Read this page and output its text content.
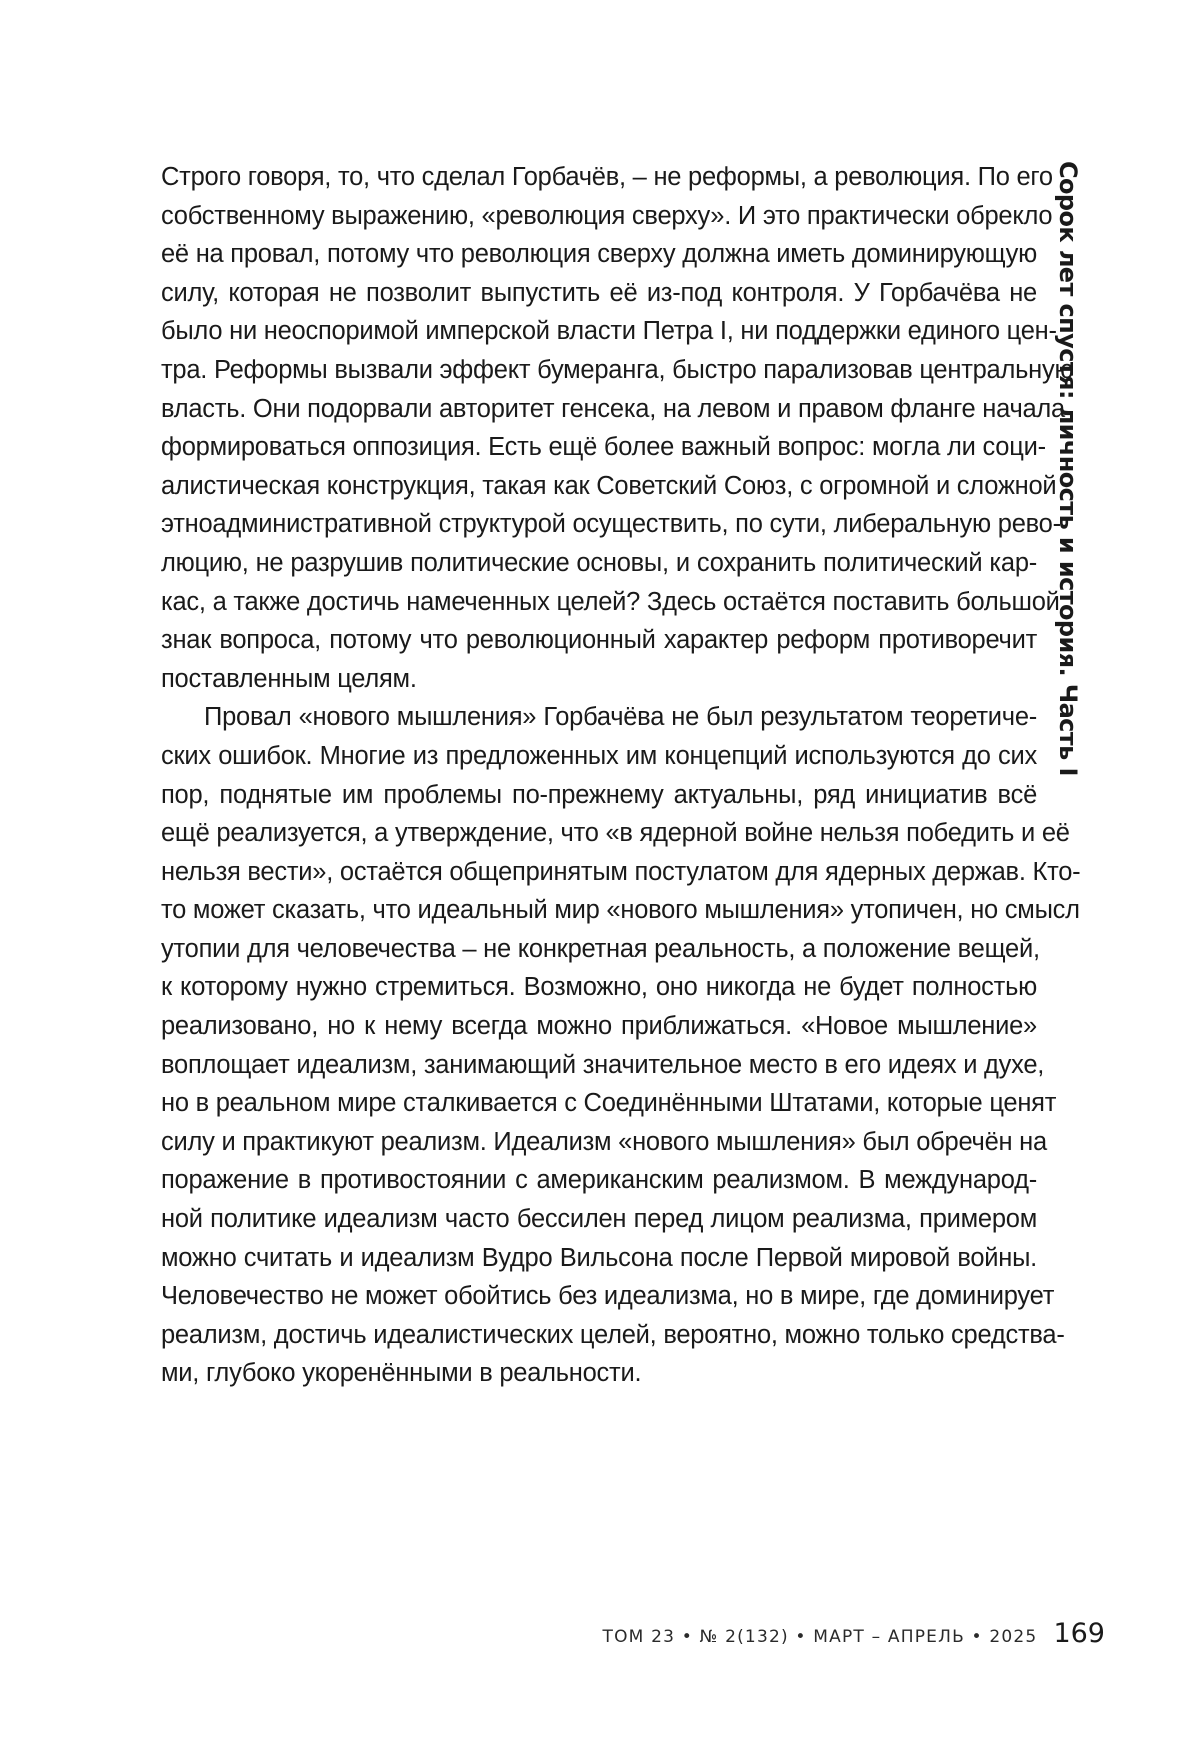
Строго говоря, то, что сделал Горбачёв, – не реформы, а революция. По его
собственному выражению, «революция сверху». И это практически обрекло
её на провал, потому что революция сверху должна иметь доминирующую
силу, которая не позволит выпустить её из-под контроля. У Горбачёва не
было ни неоспоримой имперской власти Петра I, ни поддержки единого цен-
тра. Реформы вызвали эффект бумеранга, быстро парализовав центральную
власть. Они подорвали авторитет генсека, на левом и правом фланге начала
формироваться оппозиция. Есть ещё более важный вопрос: могла ли соци-
алистическая конструкция, такая как Советский Союз, с огромной и сложной
этноадминистративной структурой осуществить, по сути, либеральную рево-
люцию, не разрушив политические основы, и сохранить политический кар-
кас, а также достичь намеченных целей? Здесь остаётся поставить большой
знак вопроса, потому что революционный характер реформ противоречит
поставленным целям.
Провал «нового мышления» Горбачёва не был результатом теоретиче-
ских ошибок. Многие из предложенных им концепций используются до сих
пор, поднятые им проблемы по-прежнему актуальны, ряд инициатив всё
ещё реализуется, а утверждение, что «в ядерной войне нельзя победить и её
нельзя вести», остаётся общепринятым постулатом для ядерных держав. Кто-
то может сказать, что идеальный мир «нового мышления» утопичен, но смысл
утопии для человечества – не конкретная реальность, а положение вещей,
к которому нужно стремиться. Возможно, оно никогда не будет полностью
реализовано, но к нему всегда можно приближаться. «Новое мышление»
воплощает идеализм, занимающий значительное место в его идеях и духе,
но в реальном мире сталкивается с Соединёнными Штатами, которые ценят
силу и практикуют реализм. Идеализм «нового мышления» был обречён на
поражение в противостоянии с американским реализмом. В международ-
ной политике идеализм часто бессилен перед лицом реализма, примером
можно считать и идеализм Вудро Вильсона после Первой мировой войны.
Человечество не может обойтись без идеализма, но в мире, где доминирует
реализм, достичь идеалистических целей, вероятно, можно только средства-
ми, глубоко укоренёнными в реальности.
Сорок лет спустя: личность и история. Часть I
ТОМ 23 • № 2(132) • МАРТ – АПРЕЛЬ • 2025 169
